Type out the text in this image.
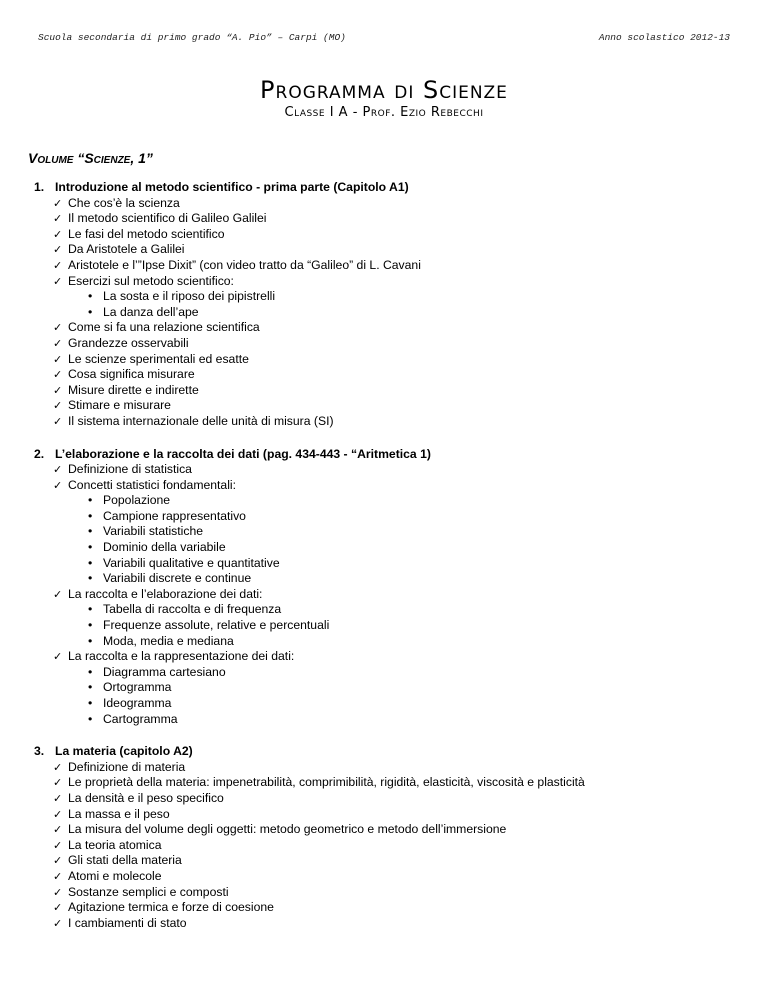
Scuola secondaria di primo grado “A. Pio” – Carpi (MO)	Anno scolastico 2012-13
Programma di Scienze
Classe I A - Prof. Ezio Rebecchi
Volume “Scienze, 1”
1. Introduzione al metodo scientifico - prima parte (Capitolo A1)
✓ Che cos’è la scienza
✓ Il metodo scientifico di Galileo Galilei
✓ Le fasi del metodo scientifico
✓ Da Aristotele a Galilei
✓ Aristotele e l’”Ipse Dixit” (con video tratto da “Galileo” di L. Cavani
✓ Esercizi sul metodo scientifico:
• La sosta e il riposo dei pipistrelli
• La danza dell’ape
✓ Come si fa una relazione scientifica
✓ Grandezze osservabili
✓ Le scienze sperimentali ed esatte
✓ Cosa significa misurare
✓ Misure dirette e indirette
✓ Stimare e misurare
✓ Il sistema internazionale delle unità di misura (SI)
2. L’elaborazione e la raccolta dei dati (pag. 434-443 - “Aritmetica 1)
✓ Definizione di statistica
✓ Concetti statistici fondamentali:
• Popolazione
• Campione rappresentativo
• Variabili statistiche
• Dominio della variabile
• Variabili qualitative e quantitative
• Variabili discrete e continue
✓ La raccolta e l’elaborazione dei dati:
• Tabella di raccolta e di frequenza
• Frequenze assolute, relative e percentuali
• Moda, media e mediana
✓ La raccolta e la rappresentazione dei dati:
• Diagramma cartesiano
• Ortogramma
• Ideogramma
• Cartogramma
3. La materia (capitolo A2)
✓ Definizione di materia
✓ Le proprietà della materia: impenetrabilità, comprimibilità, rigidità, elasticità, viscosità e plasticità
✓ La densità e il peso specifico
✓ La massa e il peso
✓ La misura del volume degli oggetti: metodo geometrico e metodo dell’immersione
✓ La teoria atomica
✓ Gli stati della materia
✓ Atomi e molecole
✓ Sostanze semplici e composti
✓ Agitazione termica e forze di coesione
✓ I cambiamenti di stato
